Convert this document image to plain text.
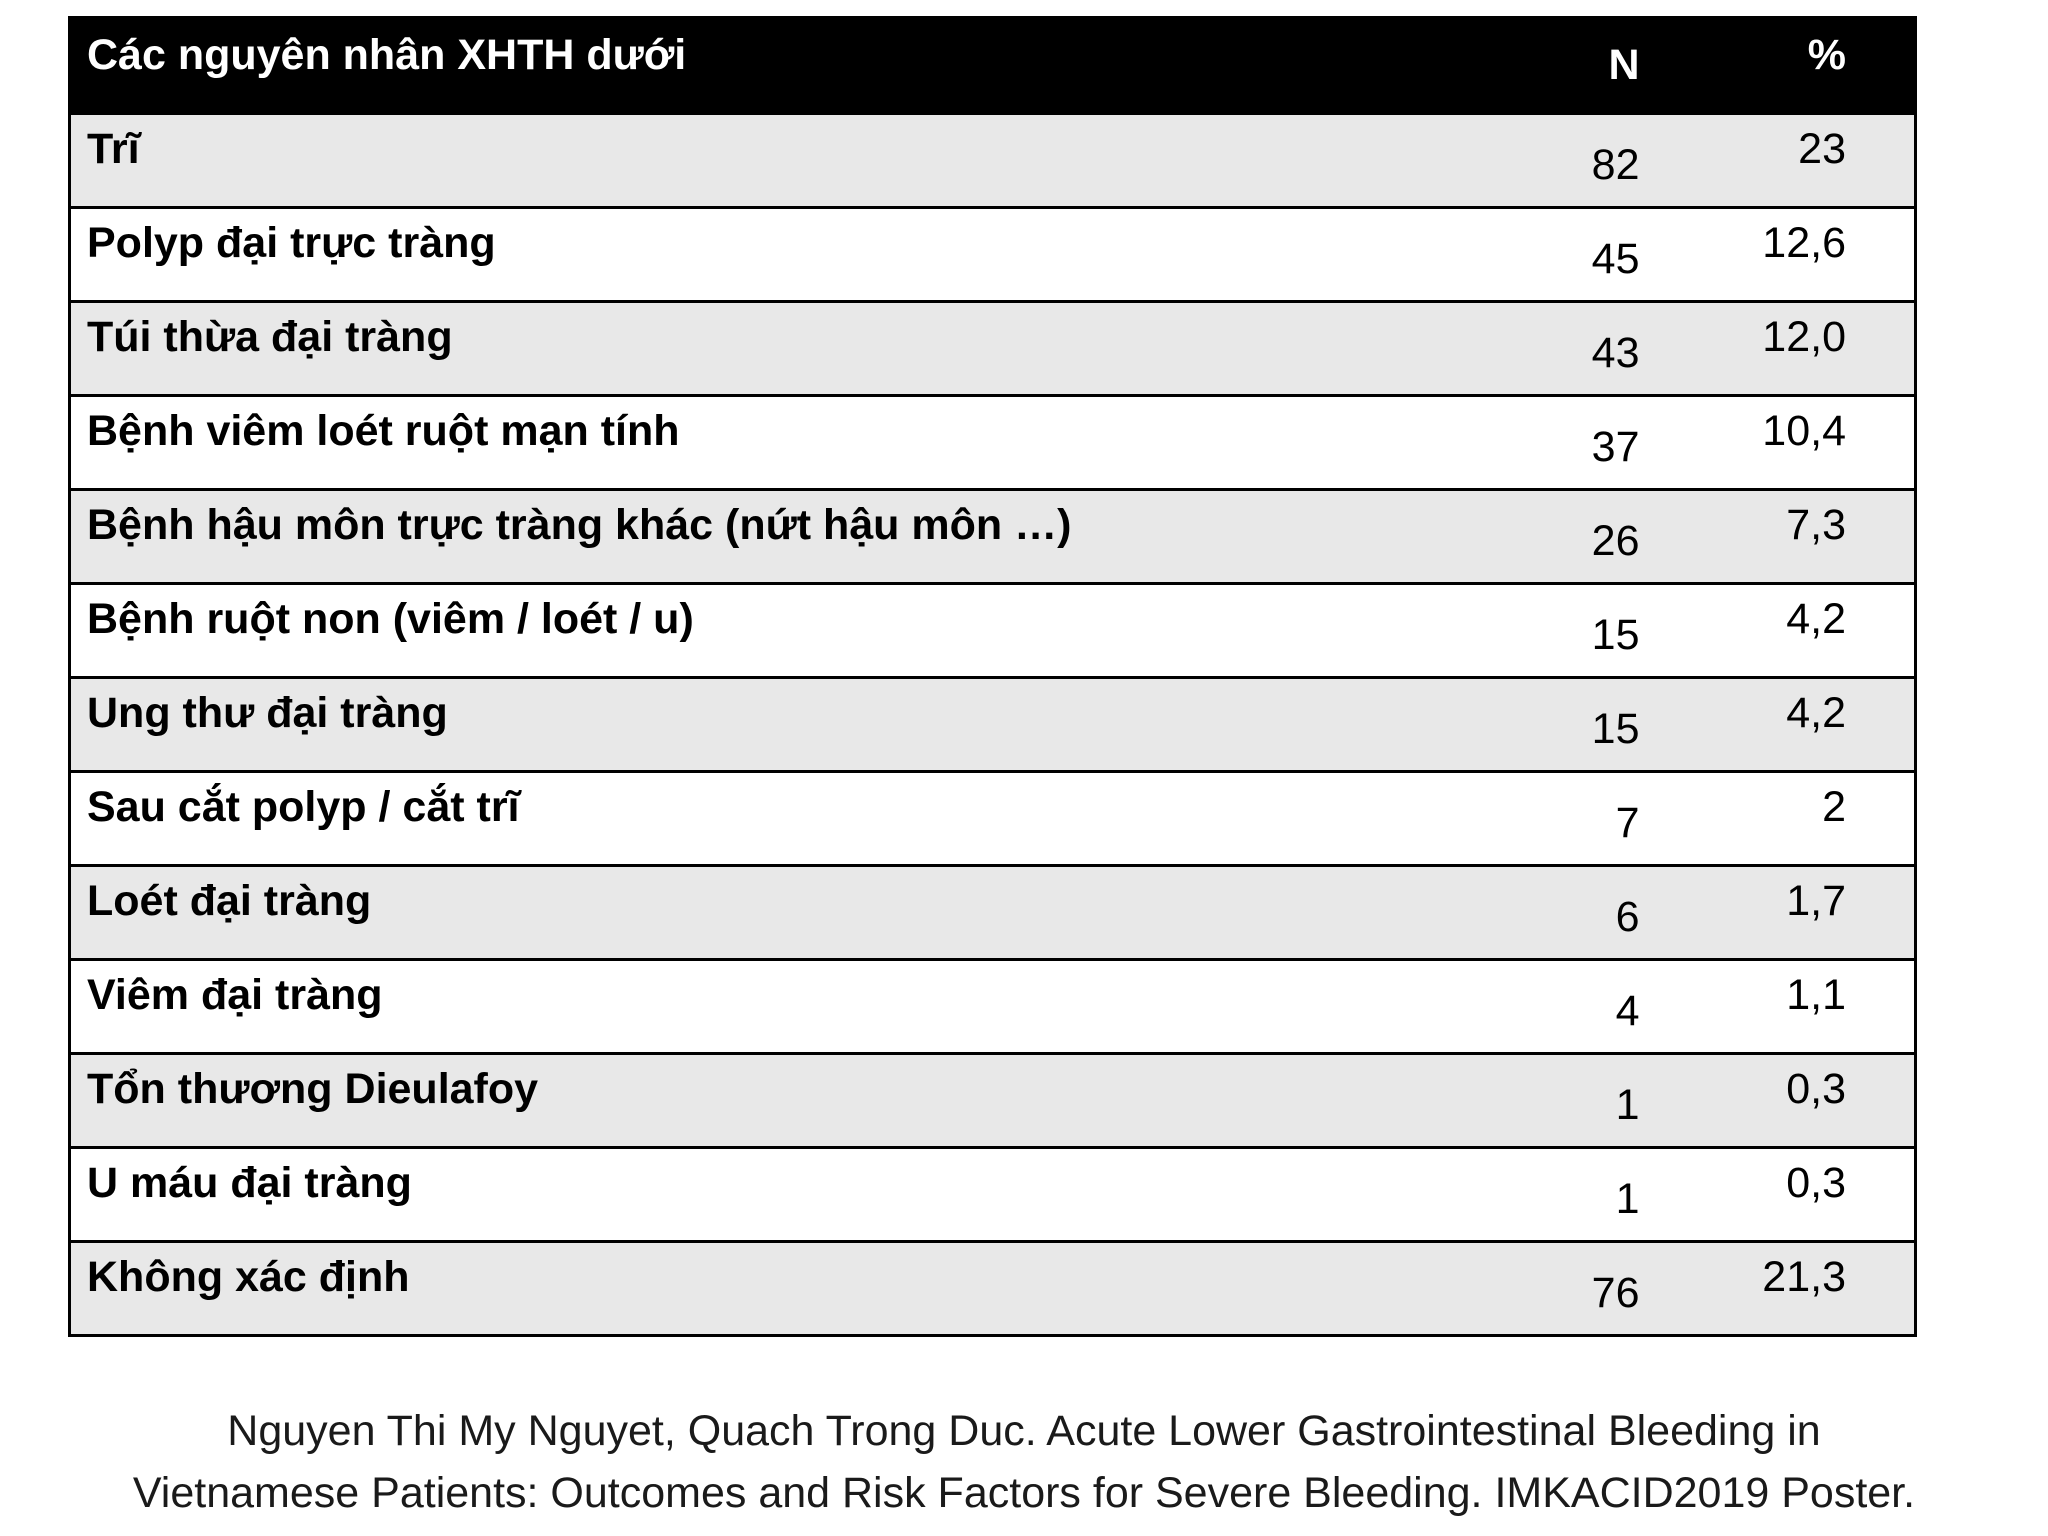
Các nguyên nhân XHTH dưới	N	%
Trĩ	82	23
Polyp đại trực tràng	45	12,6
Túi thừa đại tràng	43	12,0
Bệnh viêm loét ruột mạn tính	37	10,4
Bệnh hậu môn trực tràng khác (nứt hậu môn …)	26	7,3
Bệnh ruột non (viêm / loét / u)	15	4,2
Ung thư đại tràng	15	4,2
Sau cắt polyp / cắt trĩ	7	2
Loét đại tràng	6	1,7
Viêm đại tràng	4	1,1
Tổn thương Dieulafoy	1	0,3
U máu đại tràng	1	0,3
Không xác định	76	21,3
Nguyen Thi My Nguyet, Quach Trong Duc. Acute Lower Gastrointestinal Bleeding in
Vietnamese Patients: Outcomes and Risk Factors for Severe Bleeding. IMKACID2019 Poster.
